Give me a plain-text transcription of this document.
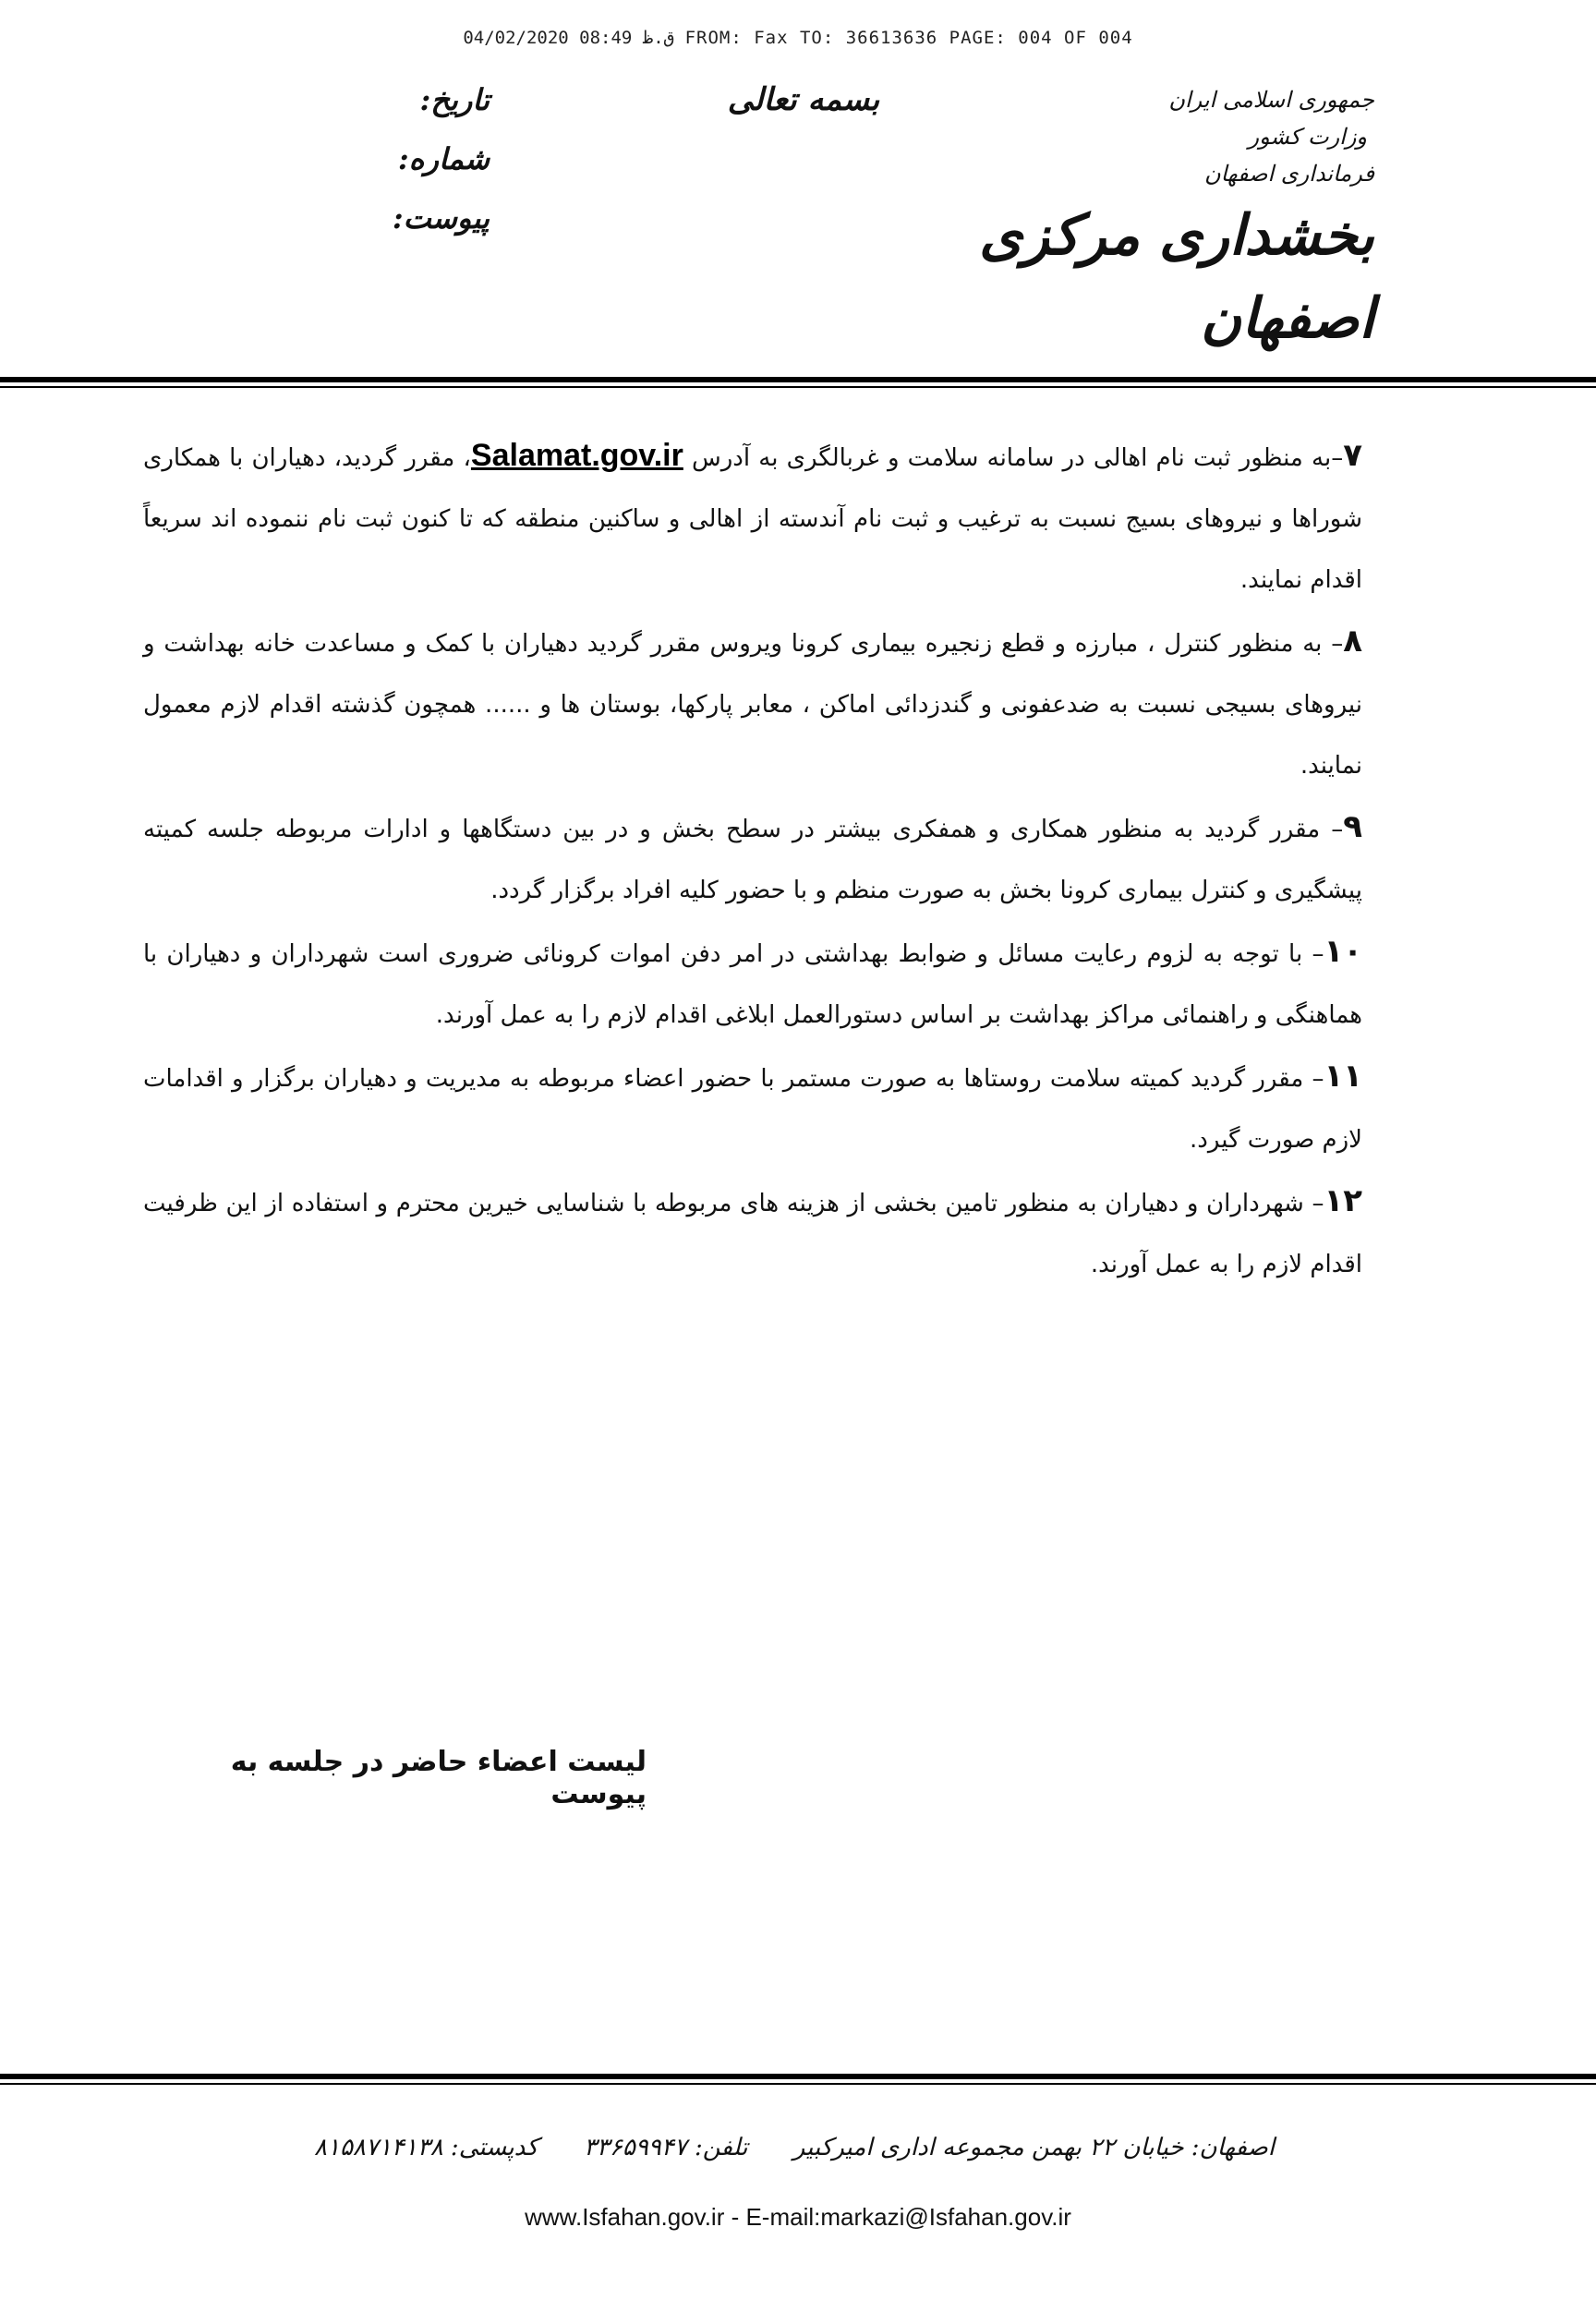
04/02/2020 ق.ظ 08:49 FROM: Fax TO: 36613636 PAGE: 004 OF 004
جمهوری اسلامی ایران
وزارت کشور
فرمانداری اصفهان
بخشداری مرکزی اصفهان
بسمه تعالی
تاریخ:
شماره:
پیوست:

۷–به منظور ثبت نام اهالی در سامانه سلامت و غربالگری به آدرس Salamat.gov.ir، مقرر گردید، دهیاران با همکاری شوراها و نیروهای بسیج نسبت به ترغیب و ثبت نام آندسته از اهالی و ساکنین منطقه که تا کنون ثبت نام ننموده اند سریعاً اقدام نمایند.

۸– به منظور کنترل ، مبارزه و قطع زنجیره بیماری کرونا ویروس مقرر گردید دهیاران با کمک و مساعدت خانه بهداشت و نیروهای بسیجی نسبت به ضدعفونی و گندزدائی اماکن ، معابر پارکها، بوستان ها و ...... همچون گذشته اقدام لازم معمول نمایند.

۹– مقرر گردید به منظور همکاری و همفکری بیشتر در سطح بخش و در بین دستگاهها و ادارات مربوطه جلسه کمیته پیشگیری و کنترل بیماری کرونا بخش به صورت منظم و با حضور کلیه افراد برگزار گردد.

۱۰– با توجه به لزوم رعایت مسائل و ضوابط بهداشتی در امر دفن اموات کرونائی ضروری است شهرداران و دهیاران با هماهنگی و راهنمائی مراکز بهداشت بر اساس دستورالعمل ابلاغی اقدام لازم را به عمل آورند.

۱۱– مقرر گردید کمیته سلامت روستاها به صورت مستمر با حضور اعضاء مربوطه به مدیریت و دهیاران برگزار و اقدامات لازم صورت گیرد.

۱۲– شهرداران و دهیاران به منظور تامین بخشی از هزینه های مربوطه با شناسایی خیرین محترم و استفاده از این ظرفیت اقدام لازم را به عمل آورند.

لیست اعضاء حاضر در جلسه به پیوست
اصفهان: خیابان ۲۲ بهمن مجموعه اداری امیرکبیر
تلفن: ۳۳۶۵۹۹۴۷
کدپستی: ۸۱۵۸۷۱۴۱۳۸
www.Isfahan.gov.ir - E-mail:markazi@Isfahan.gov.ir
